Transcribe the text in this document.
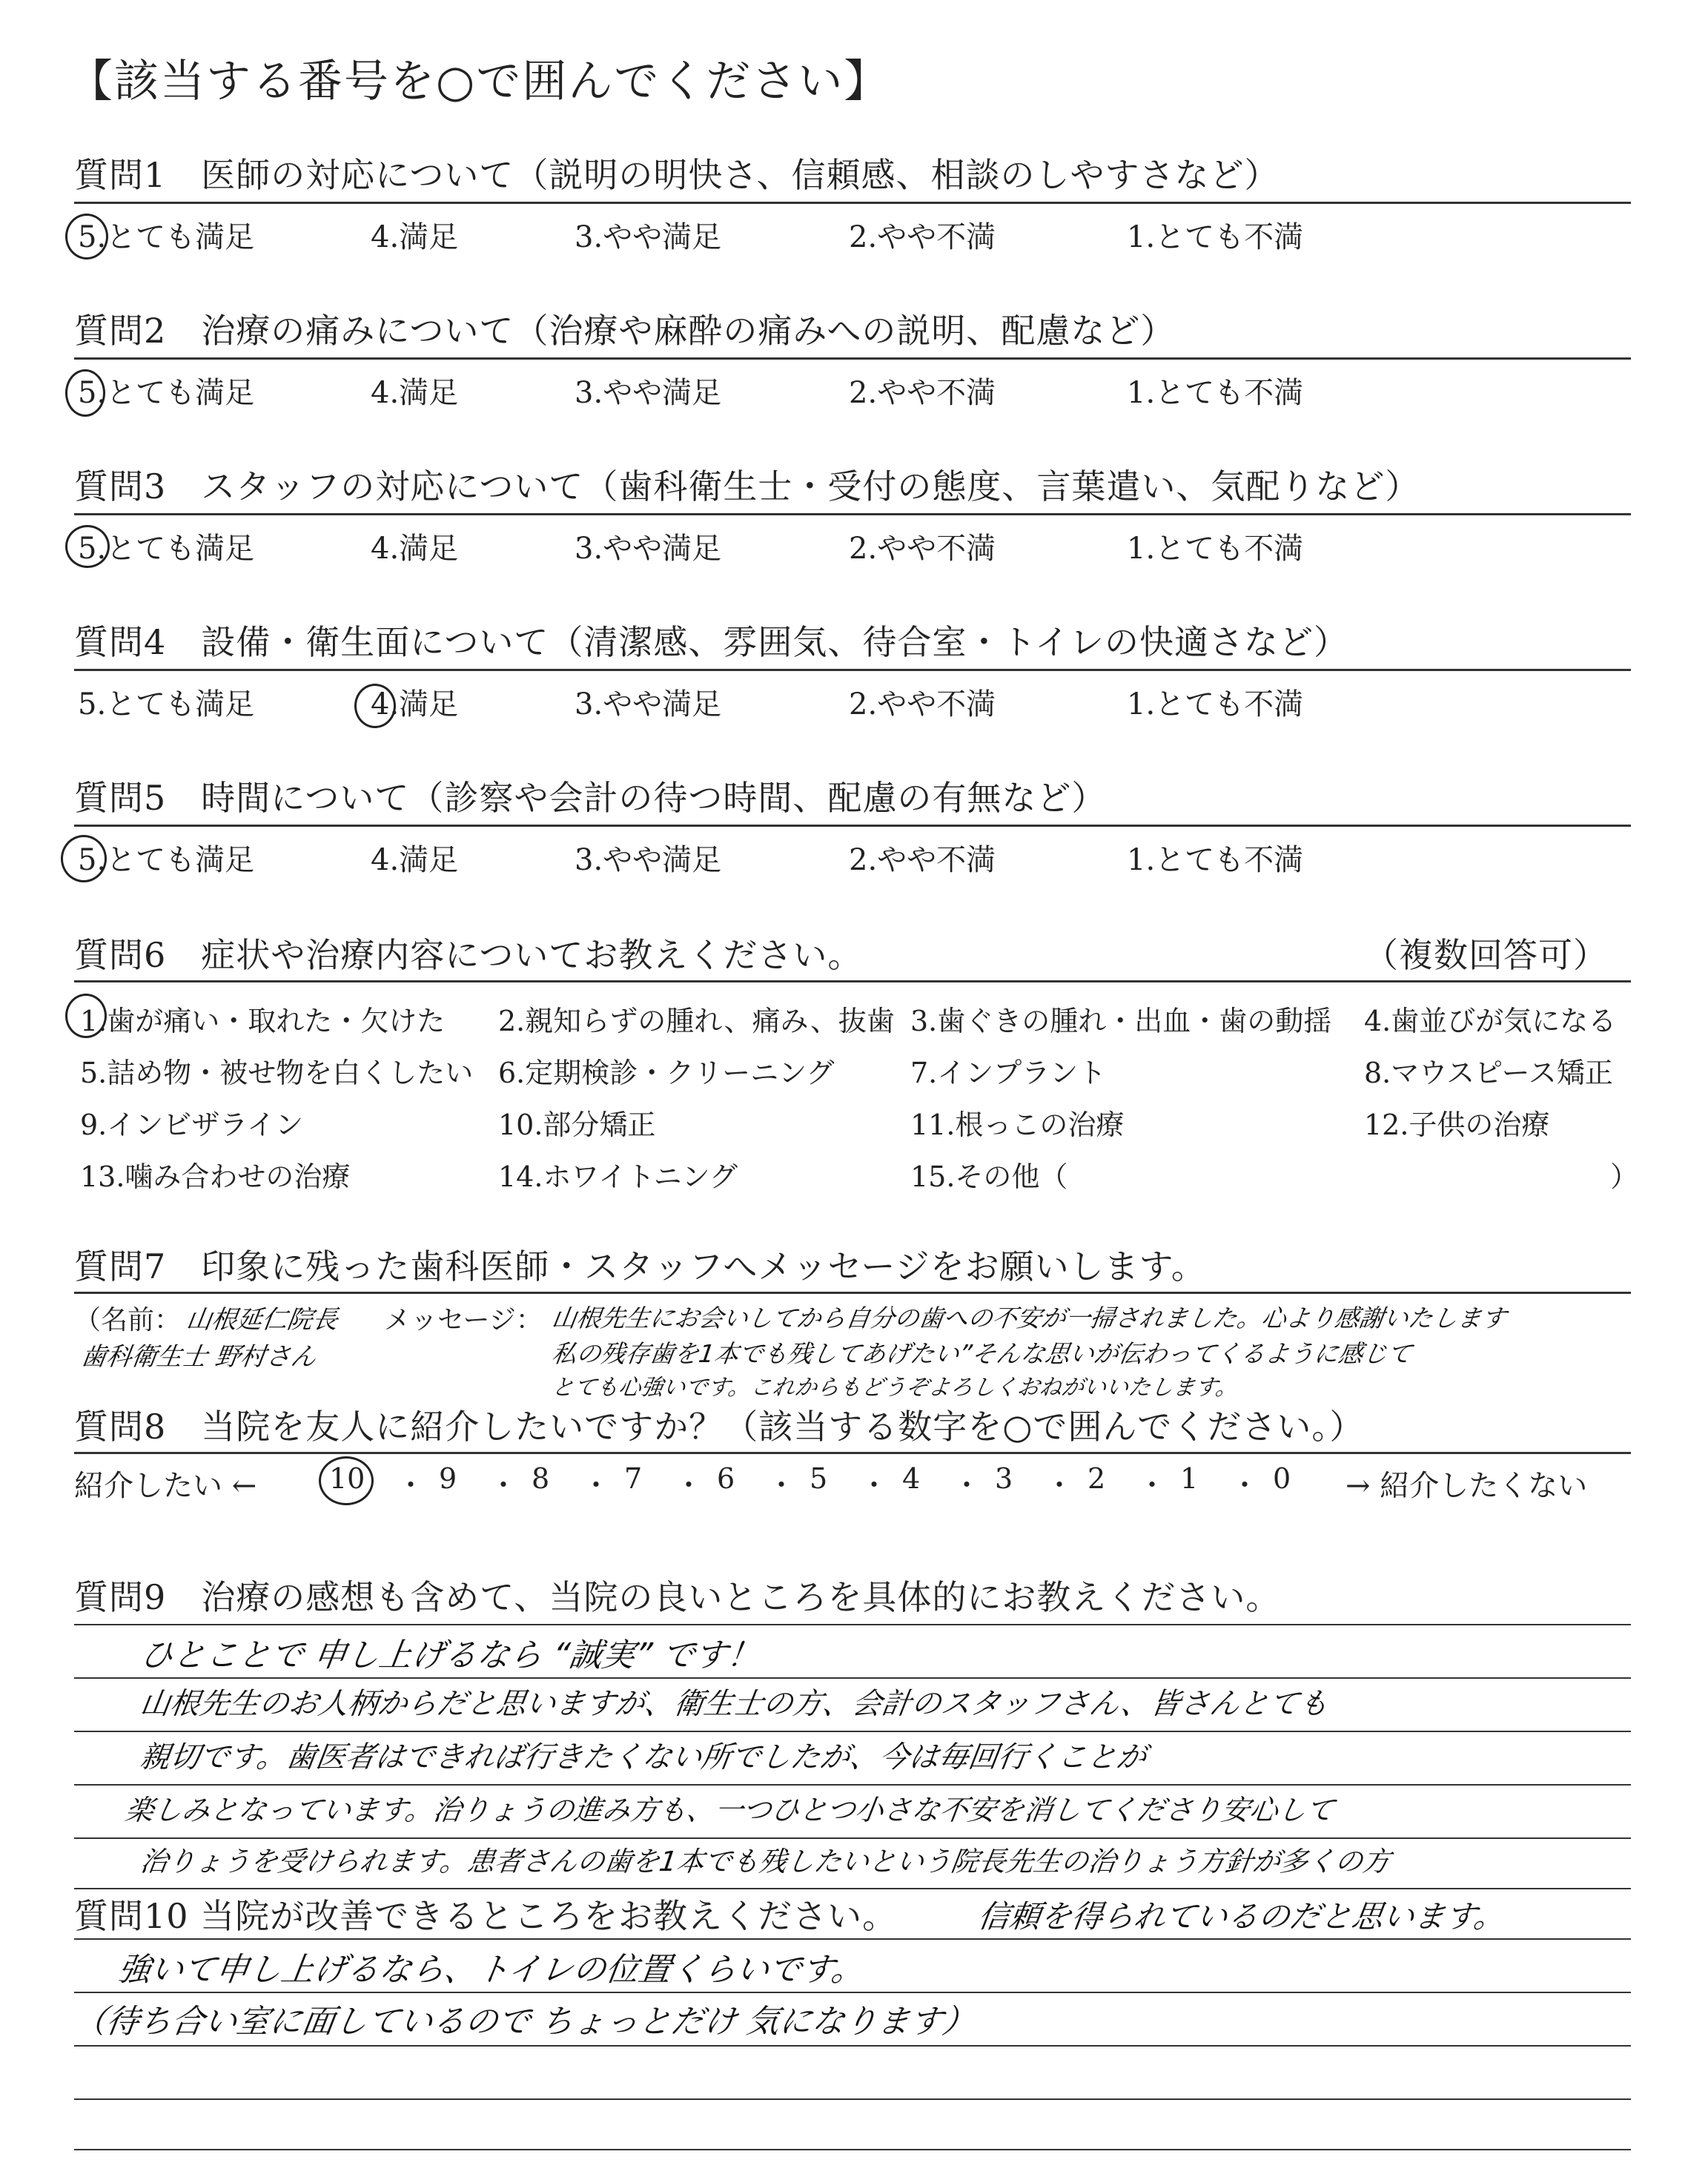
【該当する番号を○で囲んでください】
質問1　医師の対応について（説明の明快さ、信頼感、相談のしやすさなど）
5.とても満足	4.満足	3.やや満足	2.やや不満	1.とても不満
質問2　治療の痛みについて（治療や麻酔の痛みへの説明、配慮など）
5.とても満足	4.満足	3.やや満足	2.やや不満	1.とても不満
質問3　スタッフの対応について（歯科衛生士・受付の態度、言葉遣い、気配りなど）
5.とても満足	4.満足	3.やや満足	2.やや不満	1.とても不満
質問4　設備・衛生面について（清潔感、雰囲気、待合室・トイレの快適さなど）
5.とても満足	4.満足	3.やや満足	2.やや不満	1.とても不満
質問5　時間について（診察や会計の待つ時間、配慮の有無など）
5.とても満足	4.満足	3.やや満足	2.やや不満	1.とても不満
質問6　症状や治療内容についてお教えください。	（複数回答可）
1.歯が痛い・取れた・欠けた 2.親知らずの腫れ、痛み、抜歯 3.歯ぐきの腫れ・出血・歯の動揺 4.歯並びが気になる
5.詰め物・被せ物を白くしたい 6.定期検診・クリーニング	7.インプラント	8.マウスピース矯正
9.インビザライン	10.部分矯正	11.根っこの治療	12.子供の治療
13.噛み合わせの治療	14.ホワイトニング	15.その他（	）
質問7　印象に残った歯科医師・スタッフへメッセージをお願いします。
（名前： 山根延仁院長
歯科衛生士 野村さん
メッセージ： 山根先生にお会いしてから自分の歯への不安が一掃されました。心より感謝いたします
私の残存歯を1本でも残してあげたい”そんな思いが伝わってくるように感じて
とても心強いです。これからもどうぞよろしくおねがいいたします。
質問8　当院を友人に紹介したいですか？（該当する数字を○で囲んでください。）
紹介したい ←	10 ・ 9 ・ 8 ・ 7 ・ 6 ・ 5 ・ 4 ・ 3 ・ 2 ・ 1 ・ 0 → 紹介したくない
質問9　治療の感想も含めて、当院の良いところを具体的にお教えください。
ひとことで 申し上げるなら “誠実” です！
山根先生のお人柄からだと思いますが、衛生士の方、会計のスタッフさん、皆さんとても
親切です。歯医者はできれば行きたくない所でしたが、今は毎回行くことが
楽しみとなっています。治りょうの進み方も、一つひとつ小さな不安を消してくださり安心して
治りょうを受けられます。患者さんの歯を1本でも残したいという院長先生の治りょう方針が多くの方
信頼を得られているのだと思います。
質問10 当院が改善できるところをお教えください。
強いて申し上げるなら、トイレの位置くらいです。
（待ち合い室に面しているので ちょっとだけ 気になります）
